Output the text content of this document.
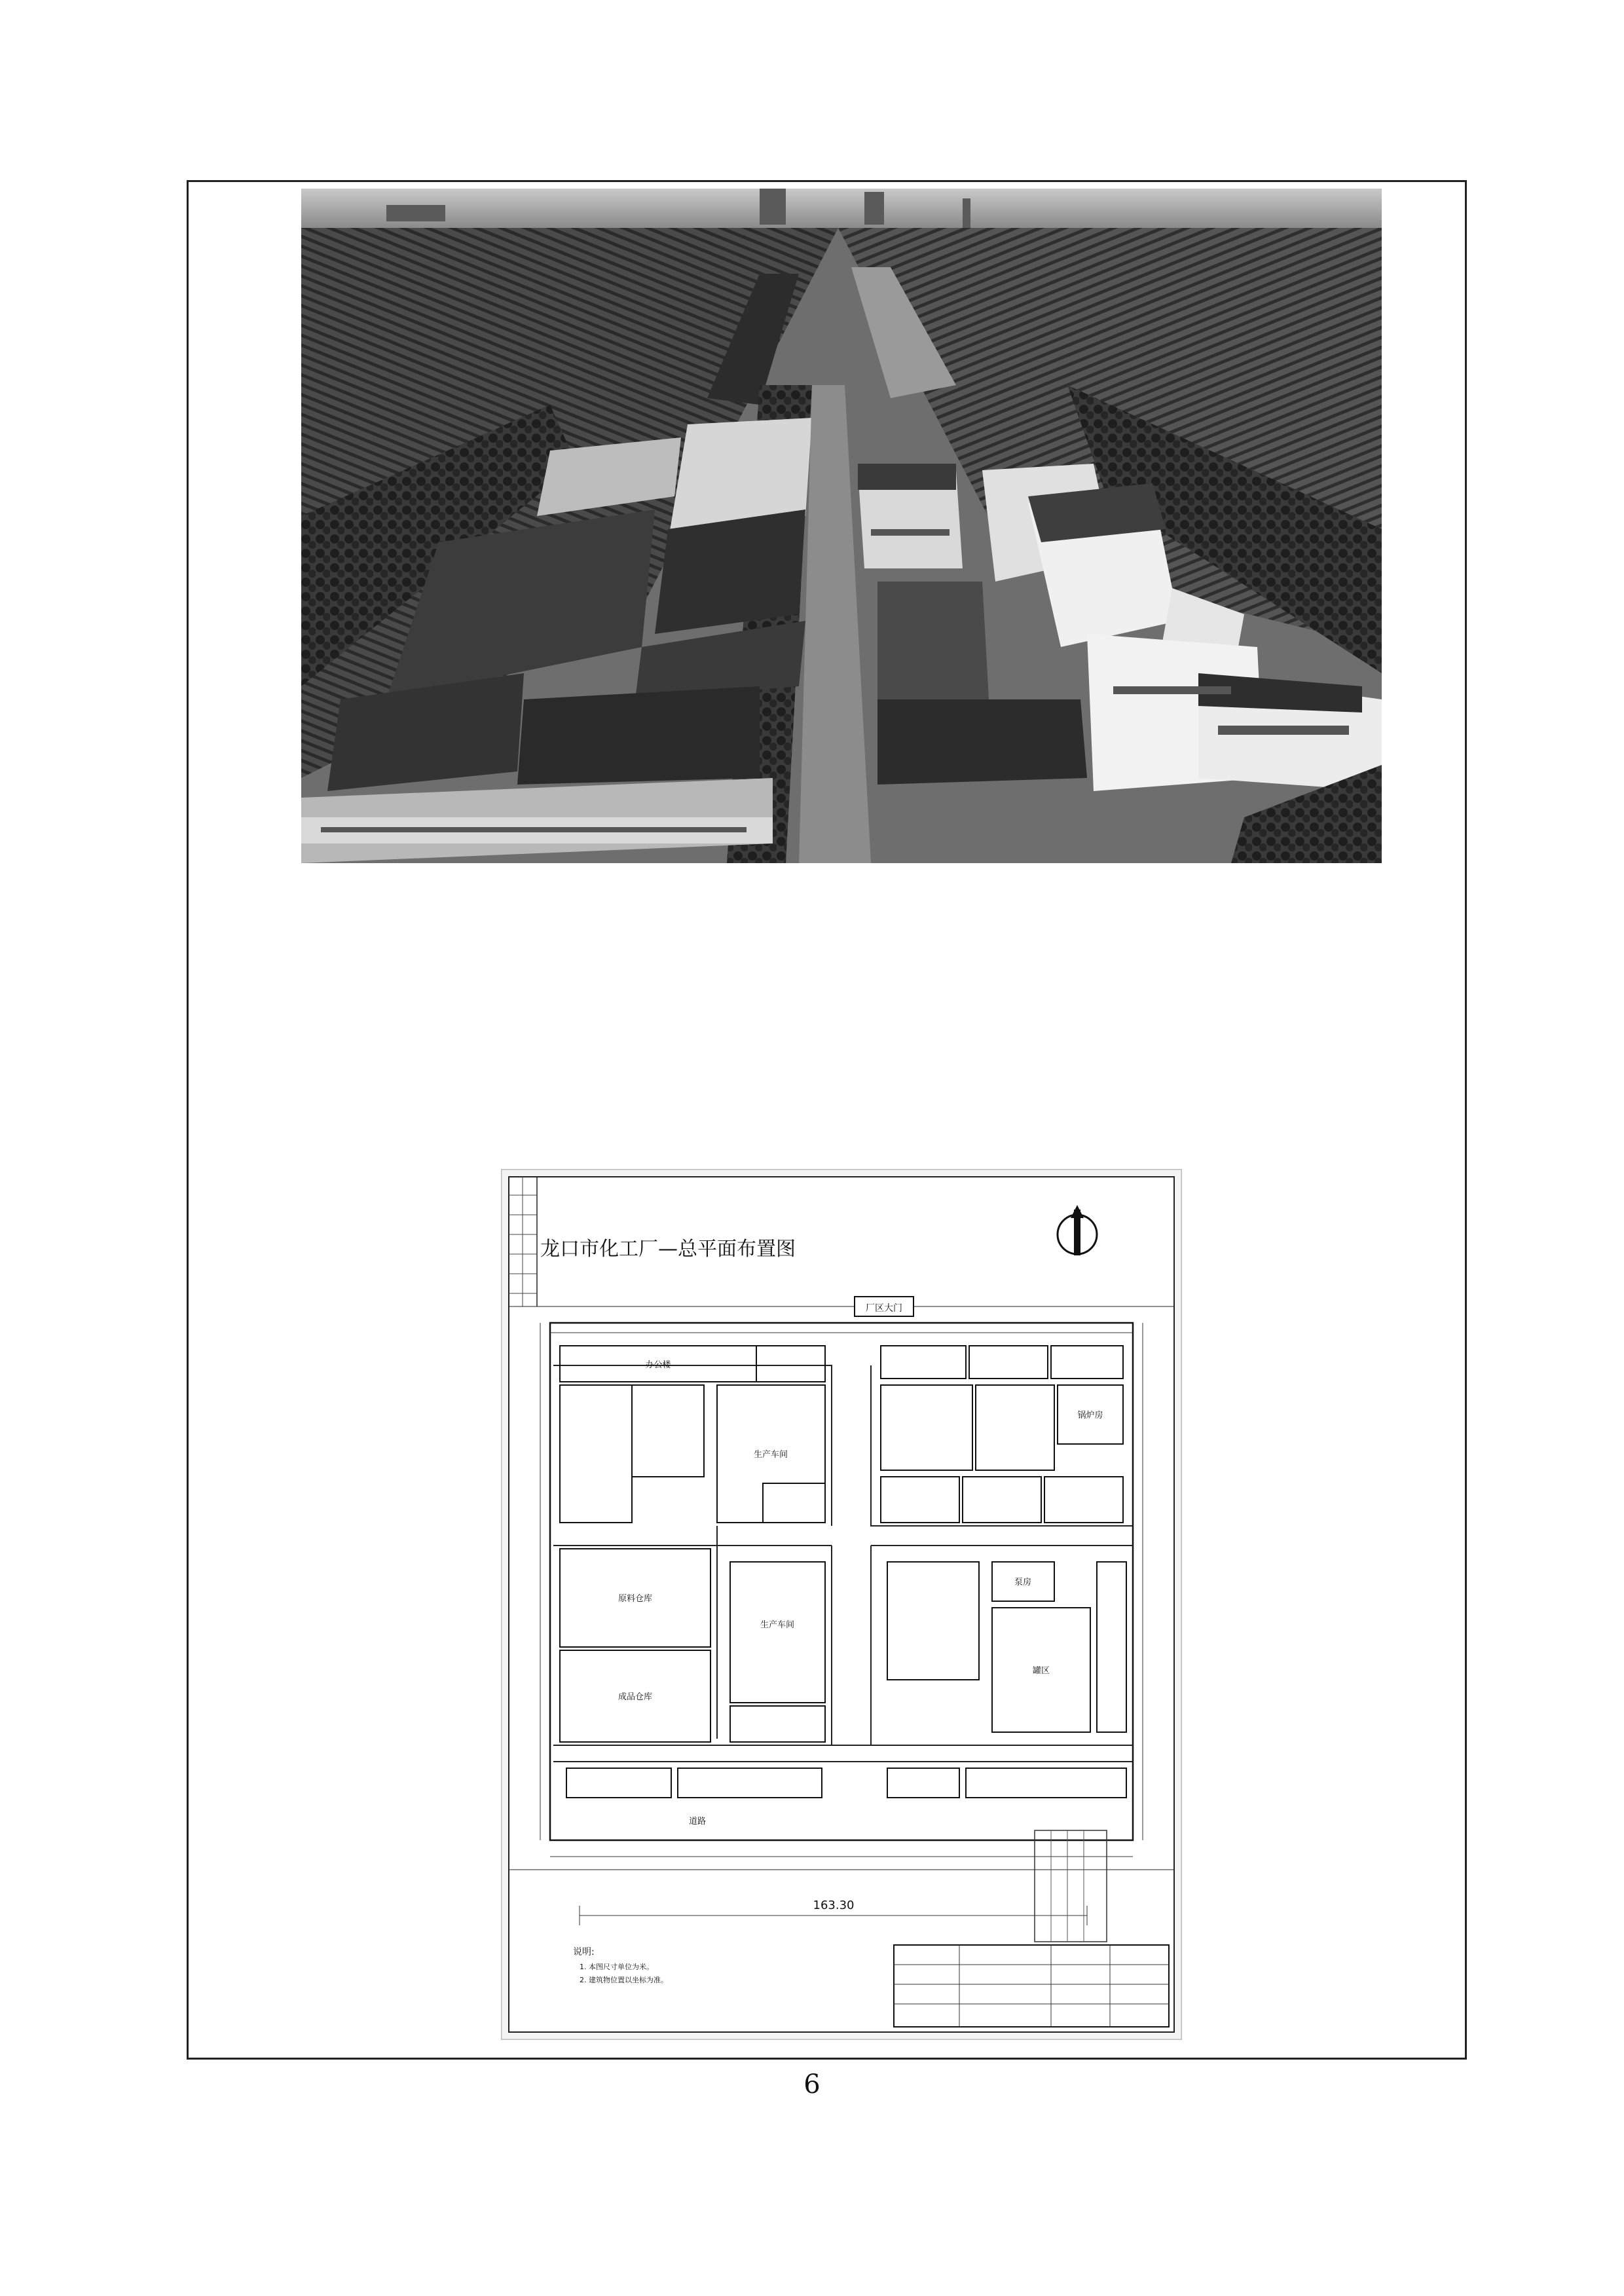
龙口市化工厂—总平面布置图
厂区大门
163.30
办公楼
生产车间
原料仓库
成品仓库
生产车间
锅炉房
泵房
罐区
道路
说明:
1. 本图尺寸单位为米。
2. 建筑物位置以坐标为准。
6
